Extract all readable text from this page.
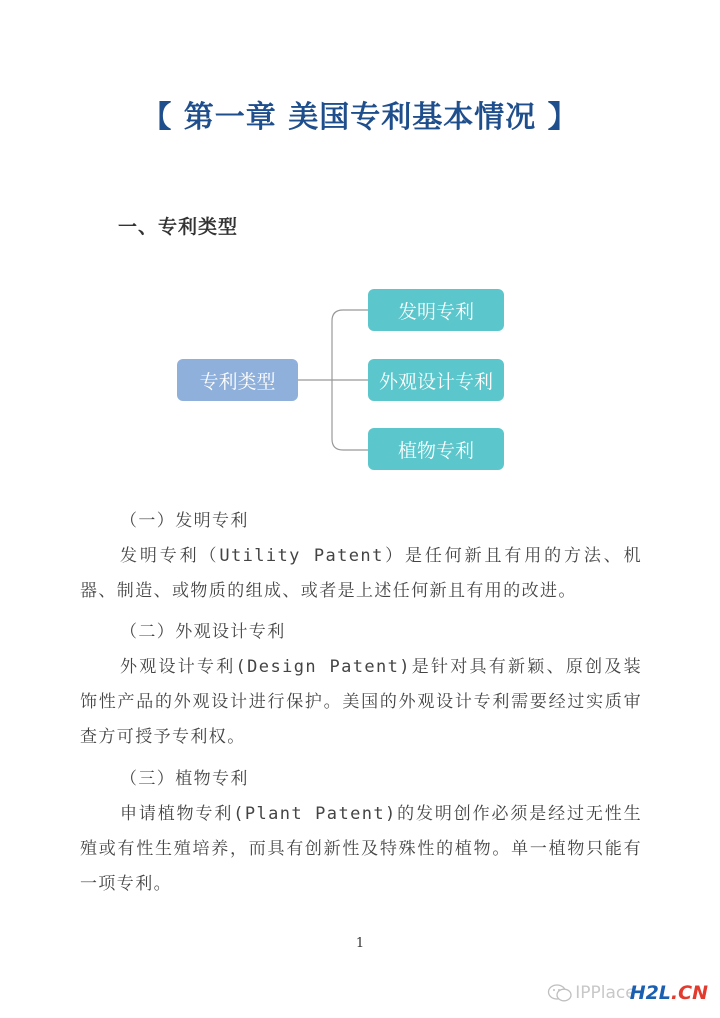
【 第一章 美国专利基本情况 】
一、专利类型
专利类型
发明专利
外观设计专利
植物专利
（一）发明专利
发明专利（Utility Patent）是任何新且有用的方法、机器、制造、或物质的组成、或者是上述任何新且有用的改进。
（二）外观设计专利
外观设计专利(Design Patent)是针对具有新颖、原创及装饰性产品的外观设计进行保护。美国的外观设计专利需要经过实质审查方可授予专利权。
（三）植物专利
申请植物专利(Plant Patent)的发明创作必须是经过无性生殖或有性生殖培养，而具有创新性及特殊性的植物。单一植物只能有一项专利。
1
IPPlace
H2L.CN
